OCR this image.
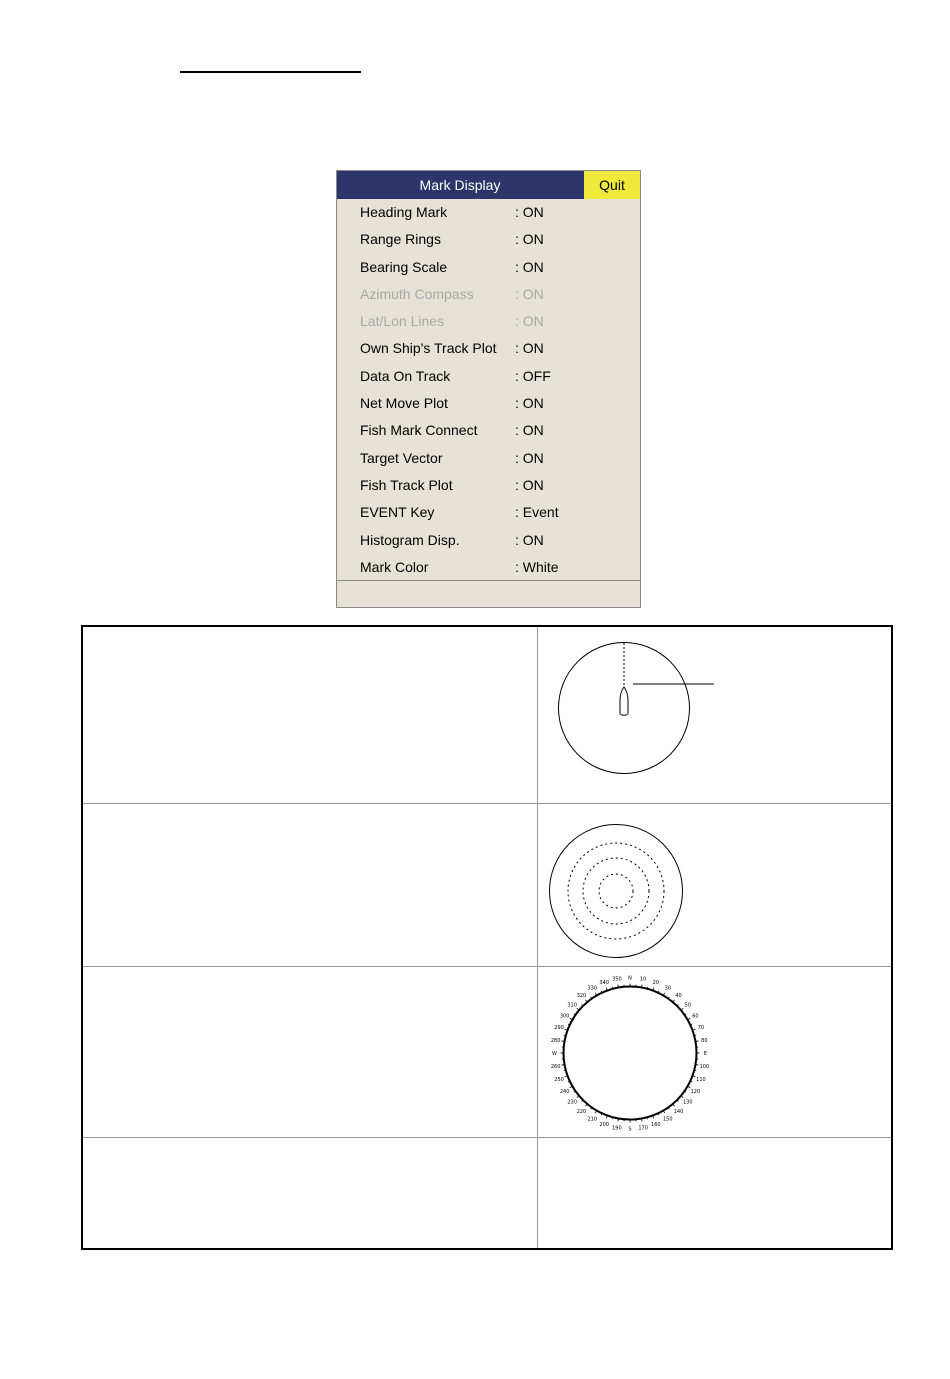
Mark Display	Quit
Heading Mark	: ON
Range Rings	: ON
Bearing Scale	: ON
Azimuth Compass	: ON
Lat/Lon Lines	: ON
Own Ship's Track Plot : ON
Data On Track	: OFF
Net Move Plot	: ON
Fish Mark Connect	: ON
Target Vector	: ON
Fish Track Plot	: ON
EVENT Key	: Event
Histogram Disp.	: ON
Mark Color	: White
N 10
20
30
40
50
60
70
80
E
100
110
120
130
140
150
160
170
S
190
200
210
220
230
240
250
260
W
280
290
300
310
320
330
340
350
